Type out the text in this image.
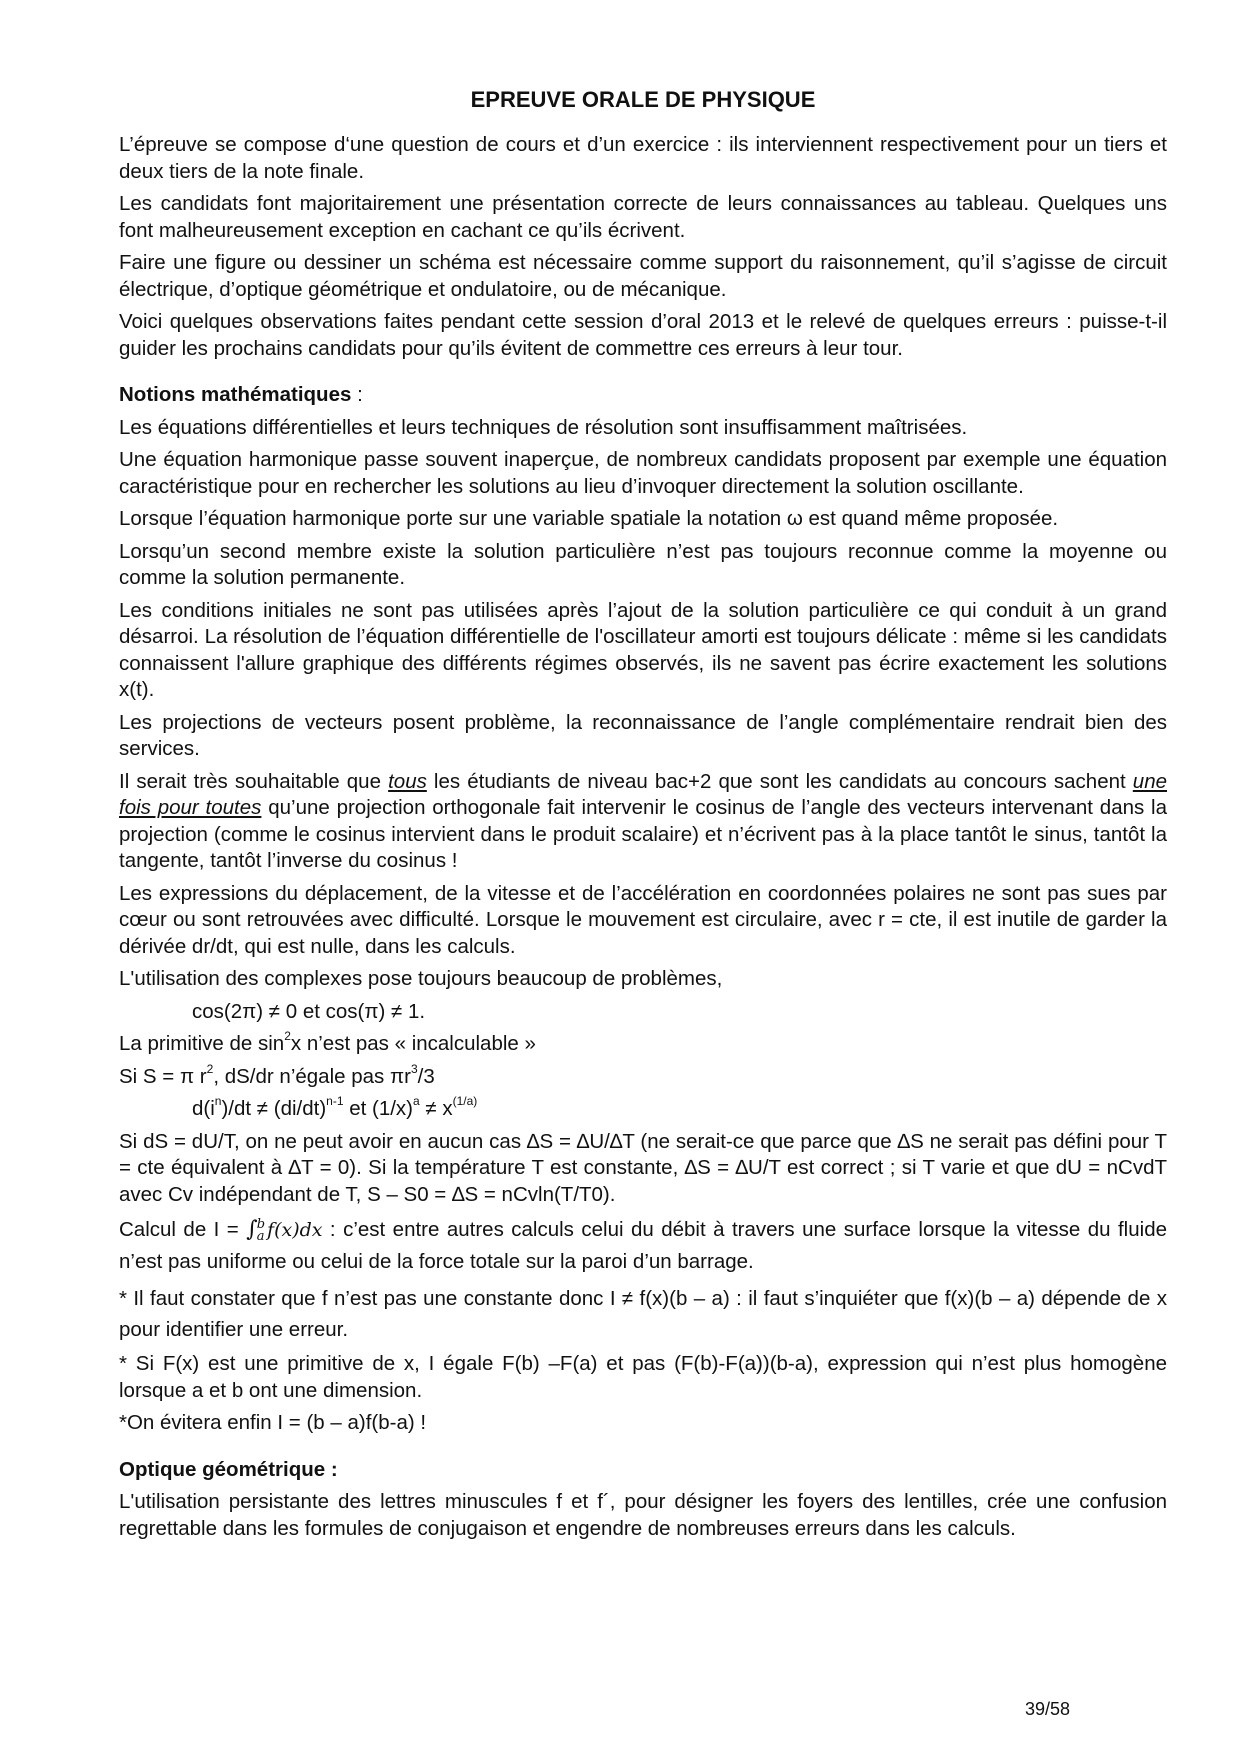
EPREUVE ORALE DE PHYSIQUE

L’épreuve se compose d‘une question de cours et d’un exercice : ils interviennent respectivement pour un tiers et deux tiers de la note finale.

Les candidats font majoritairement une présentation correcte de leurs connaissances au tableau. Quelques uns font malheureusement exception en cachant ce qu’ils écrivent.

Faire une figure ou dessiner un schéma est nécessaire comme support du raisonnement, qu’il s’agisse de circuit électrique, d’optique géométrique et ondulatoire, ou de mécanique.

Voici quelques observations faites pendant cette session d’oral 2013 et le relevé de quelques erreurs : puisse-t-il guider les prochains candidats pour qu’ils évitent de commettre ces erreurs à leur tour.

Notions mathématiques :

Les équations différentielles et leurs techniques de résolution sont insuffisamment maîtrisées.

Une équation harmonique passe souvent inaperçue, de nombreux candidats proposent par exemple une équation caractéristique pour en rechercher les solutions au lieu d’invoquer directement la solution oscillante.

Lorsque l’équation harmonique porte sur une variable spatiale la notation ω est quand même proposée.

Lorsqu’un second membre existe la solution particulière n’est pas toujours reconnue comme la moyenne ou comme la solution permanente.

Les conditions initiales ne sont pas utilisées après l’ajout de la solution particulière ce qui conduit à un grand désarroi. La résolution de l’équation différentielle de l'oscillateur amorti est toujours délicate : même si les candidats connaissent l'allure graphique des différents régimes observés, ils ne savent pas écrire exactement les solutions x(t).

Les projections de vecteurs posent problème, la reconnaissance de l’angle complémentaire rendrait bien des services.

Il serait très souhaitable que tous les étudiants de niveau bac+2 que sont les candidats au concours sachent une fois pour toutes qu’une projection orthogonale fait intervenir le cosinus de l’angle des vecteurs intervenant dans la projection (comme le cosinus intervient dans le produit scalaire) et n’écrivent pas à la place tantôt le sinus, tantôt la tangente, tantôt l’inverse du cosinus !

Les expressions du déplacement, de la vitesse et de l’accélération en coordonnées polaires ne sont pas sues par cœur ou sont retrouvées avec difficulté. Lorsque le mouvement est circulaire, avec r = cte, il est inutile de garder la dérivée dr/dt, qui est nulle, dans les calculs.

L'utilisation des complexes pose toujours beaucoup de problèmes,

cos(2π) ≠ 0 et cos(π) ≠ 1.

La primitive de $\sin^2x$ n’est pas « incalculable »

Si S = π $r^2$, dS/dr n’égale pas $\pi r^3/3$

$d(i^n)/dt \ne (di/dt)^{n-1}$ et $(1/x)^a \ne x^{(1/a)}$

Si dS = dU/T, on ne peut avoir en aucun cas ∆S = ∆U/∆T (ne serait-ce que parce que ∆S ne serait pas défini pour T = cte équivalent à ∆T = 0). Si la température T est constante, ∆S = ∆U/T est correct ; si T varie et que dU = nCvdT avec Cv indépendant de T, S – S0 = ∆S = nCvln(T/T0).

Calcul de I = ∫ b
a f(x)dx : c’est entre autres calculs celui du débit à travers une surface lorsque la vitesse du fluide n’est pas uniforme ou celui de la force totale sur la paroi d’un barrage.

* Il faut constater que f n’est pas une constante donc I ≠ f(x)(b – a) : il faut s’inquiéter que f(x)(b – a) dépende de x pour identifier une erreur.

* Si F(x) est une primitive de x, I égale F(b) –F(a) et pas (F(b)-F(a))(b-a), expression qui n’est plus homogène lorsque a et b ont une dimension.

*On évitera enfin I = (b – a)f(b-a) !

Optique géométrique :

L'utilisation persistante des lettres minuscules f et f´, pour désigner les foyers des lentilles, crée une confusion regrettable dans les formules de conjugaison et engendre de nombreuses erreurs dans les calculs.

39/58
